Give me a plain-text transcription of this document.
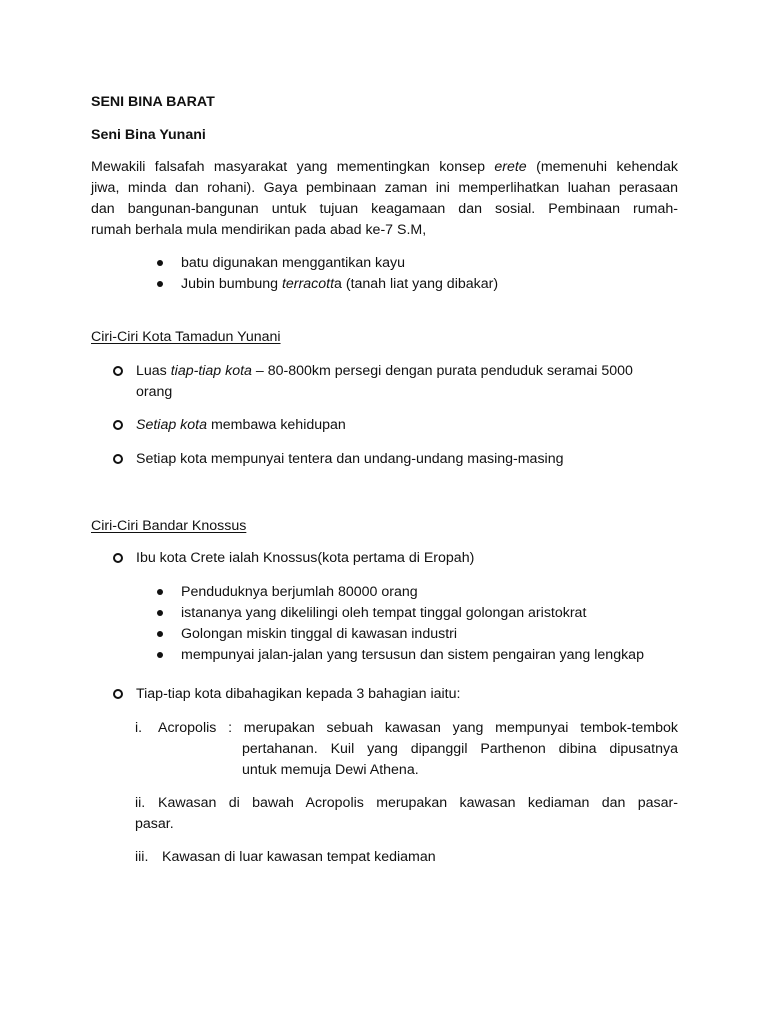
SENI BINA BARAT
Seni Bina Yunani
Mewakili falsafah masyarakat yang mementingkan konsep erete (memenuhi kehendak
jiwa, minda dan rohani). Gaya pembinaan zaman ini memperlihatkan luahan perasaan
dan bangunan-bangunan untuk tujuan keagamaan dan sosial. Pembinaan rumah-
rumah berhala mula mendirikan pada abad ke-7 S.M,
batu digunakan menggantikan kayu
Jubin bumbung terracotta (tanah liat yang dibakar)
Ciri-Ciri Kota Tamadun Yunani
Luas tiap-tiap kota – 80-800km persegi dengan purata penduduk seramai 5000
orang
Setiap kota membawa kehidupan
Setiap kota mempunyai tentera dan undang-undang masing-masing
Ciri-Ciri Bandar Knossus
Ibu kota Crete ialah Knossus(kota pertama di Eropah)
Penduduknya berjumlah 80000 orang
istananya yang dikelilingi oleh tempat tinggal golongan aristokrat
Golongan miskin tinggal di kawasan industri
mempunyai jalan-jalan yang tersusun dan sistem pengairan yang lengkap
Tiap-tiap kota dibahagikan kepada 3 bahagian iaitu:
i. Acropolis : merupakan sebuah kawasan yang mempunyai tembok-tembok
pertahanan. Kuil yang dipanggil Parthenon dibina dipusatnya
untuk memuja Dewi Athena.
ii. Kawasan di bawah Acropolis merupakan kawasan kediaman dan pasar-
pasar.
iii. Kawasan di luar kawasan tempat kediaman
